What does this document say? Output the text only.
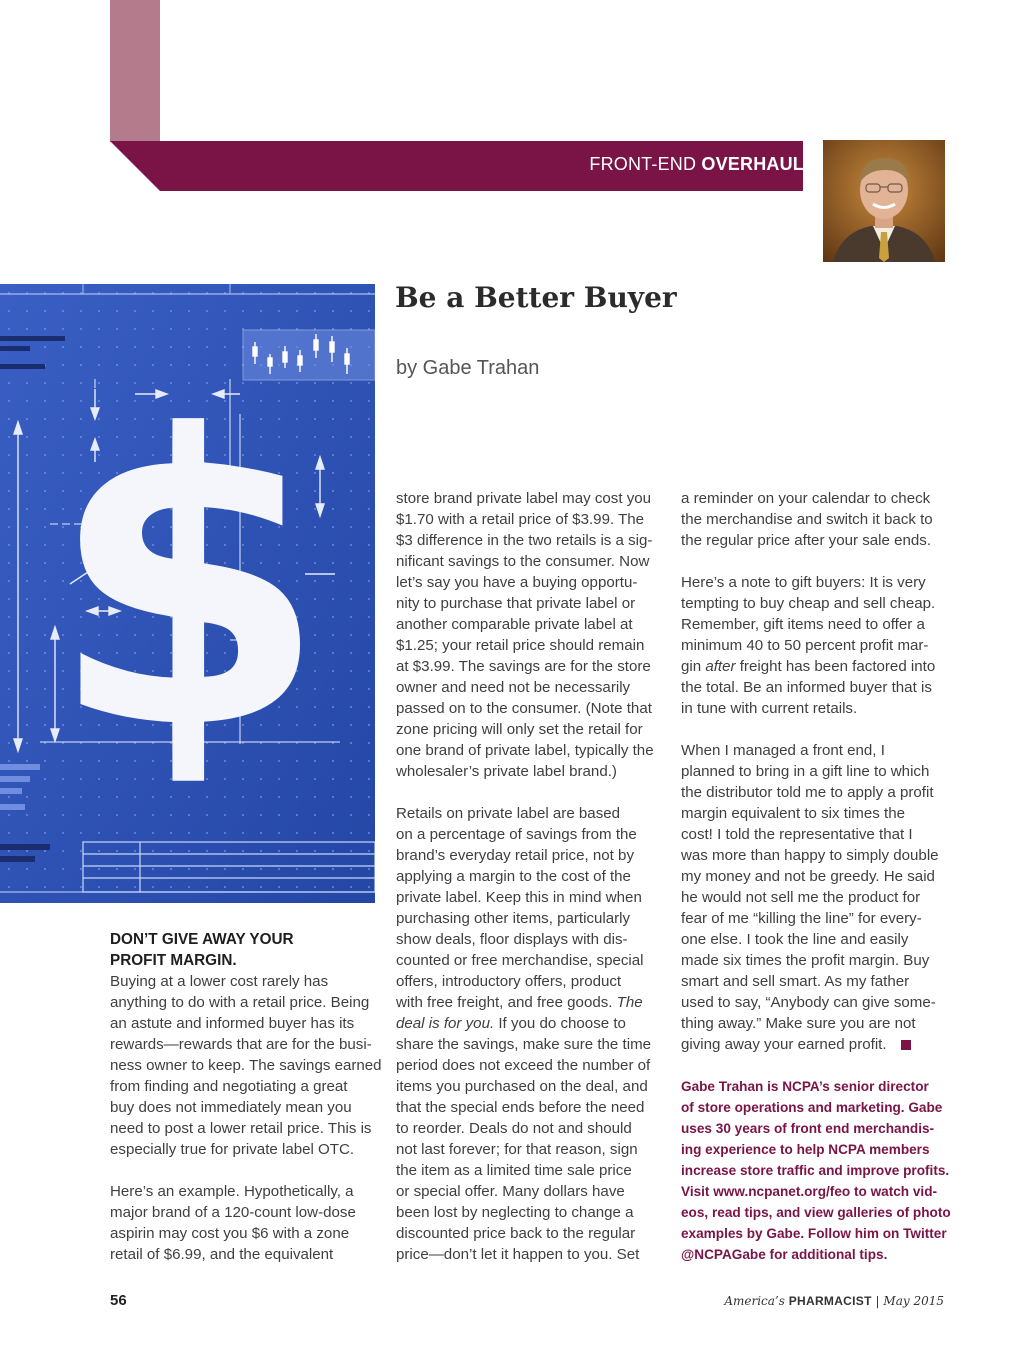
FRONT-END OVERHAUL
$
Be a Better Buyer
by Gabe Trahan

DON’T GIVE AWAY YOUR

PROFIT MARGIN.

Buying at a lower cost rarely has

anything to do with a retail price. Being

an astute and informed buyer has its

rewards—rewards that are for the busi-

ness owner to keep. The savings earned

from finding and negotiating a great

buy does not immediately mean you

need to post a lower retail price. This is

especially true for private label OTC.

Here’s an example. Hypothetically, a

major brand of a 120-count low-dose

aspirin may cost you $6 with a zone

retail of $6.99, and the equivalent

store brand private label may cost you

$1.70 with a retail price of $3.99. The

$3 difference in the two retails is a sig-

nificant savings to the consumer. Now

let’s say you have a buying opportu-

nity to purchase that private label or

another comparable private label at

$1.25; your retail price should remain

at $3.99. The savings are for the store

owner and need not be necessarily

passed on to the consumer. (Note that

zone pricing will only set the retail for

one brand of private label, typically the

wholesaler’s private label brand.)

Retails on private label are based

on a percentage of savings from the

brand’s everyday retail price, not by

applying a margin to the cost of the

private label. Keep this in mind when

purchasing other items, particularly

show deals, floor displays with dis-

counted or free merchandise, special

offers, introductory offers, product

with free freight, and free goods. The

deal is for you. If you do choose to

share the savings, make sure the time

period does not exceed the number of

items you purchased on the deal, and

that the special ends before the need

to reorder. Deals do not and should

not last forever; for that reason, sign

the item as a limited time sale price

or special offer. Many dollars have

been lost by neglecting to change a

discounted price back to the regular

price—don’t let it happen to you. Set

a reminder on your calendar to check

the merchandise and switch it back to

the regular price after your sale ends.

Here’s a note to gift buyers: It is very

tempting to buy cheap and sell cheap.

Remember, gift items need to offer a

minimum 40 to 50 percent profit mar-

gin after freight has been factored into

the total. Be an informed buyer that is

in tune with current retails.

When I managed a front end, I

planned to bring in a gift line to which

the distributor told me to apply a profit

margin equivalent to six times the

cost! I told the representative that I

was more than happy to simply double

my money and not be greedy. He said

he would not sell me the product for

fear of me “killing the line” for every-

one else. I took the line and easily

made six times the profit margin. Buy

smart and sell smart. As my father

used to say, “Anybody can give some-

thing away.” Make sure you are not

giving away your earned profit.

Gabe Trahan is NCPA’s senior director

of store operations and marketing. Gabe

uses 30 years of front end merchandis-

ing experience to help NCPA members

increase store traffic and improve profits.

Visit www.ncpanet.org/feo to watch vid-

eos, read tips, and view galleries of photo

examples by Gabe. Follow him on Twitter

@NCPAGabe for additional tips.

56	America’s PHARMACIST | May 2015
